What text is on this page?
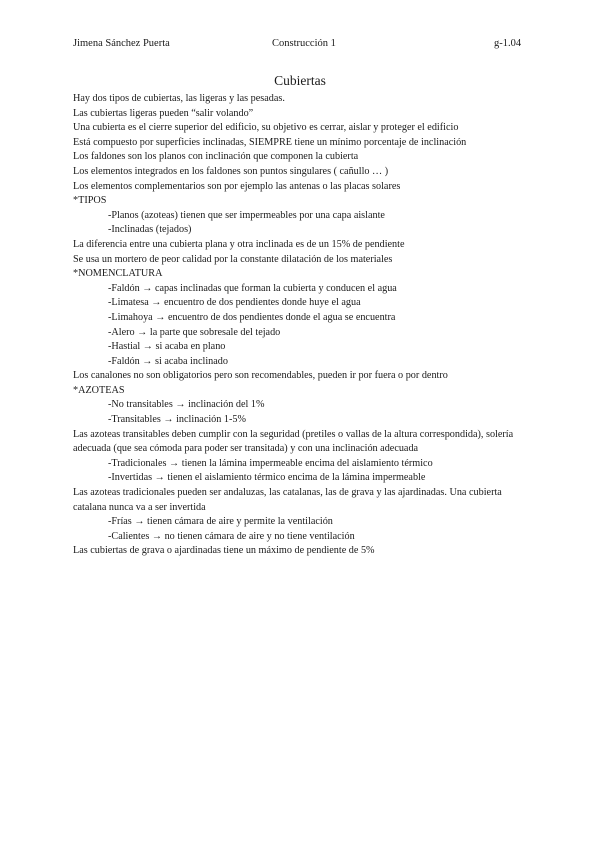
Jimena Sánchez Puerta	Construcción 1	g-1.04
Cubiertas
Hay dos tipos de cubiertas, las ligeras y las pesadas.
Las cubiertas ligeras pueden “salir volando”
Una cubierta es el cierre superior del edificio, su objetivo es cerrar, aislar y proteger el edificio
Está compuesto por superficies inclinadas, SIEMPRE tiene un mínimo porcentaje de inclinación
Los faldones son los planos con inclinación que componen la cubierta
Los elementos integrados en los faldones son puntos singulares ( cañullo … )
Los elementos complementarios son por ejemplo las antenas o las placas solares
*TIPOS
-Planos (azoteas) tienen que ser impermeables por una capa aislante
-Inclinadas (tejados)
La diferencia entre una cubierta plana y otra inclinada es de un 15% de pendiente
Se usa un mortero de peor calidad por la constante dilatación de los materiales
*NOMENCLATURA
-Faldón → capas inclinadas que forman la cubierta y conducen el agua
-Limatesa → encuentro de dos pendientes donde huye el agua
-Limahoya → encuentro de dos pendientes donde el agua se encuentra
-Alero → la parte que sobresale del tejado
-Hastial → si acaba en plano
-Faldón → si acaba inclinado
Los canalones no son obligatorios pero son recomendables, pueden ir por fuera o por dentro
*AZOTEAS
-No transitables → inclinación del 1%
-Transitables → inclinación 1-5%
Las azoteas transitables deben cumplir con la seguridad (pretiles o vallas de la altura correspondida), solería adecuada (que sea cómoda para poder ser transitada) y con una inclinación adecuada
-Tradicionales → tienen la lámina impermeable encima del aislamiento térmico
-Invertidas → tienen el aislamiento térmico encima de la lámina impermeable
Las azoteas tradicionales pueden ser andaluzas, las catalanas, las de grava y las ajardinadas. Una cubierta catalana nunca va a ser invertida
-Frías → tienen cámara de aire y permite la ventilación
-Calientes → no tienen cámara de aire y no tiene ventilación
Las cubiertas de grava o ajardinadas tiene un máximo de pendiente de 5%
